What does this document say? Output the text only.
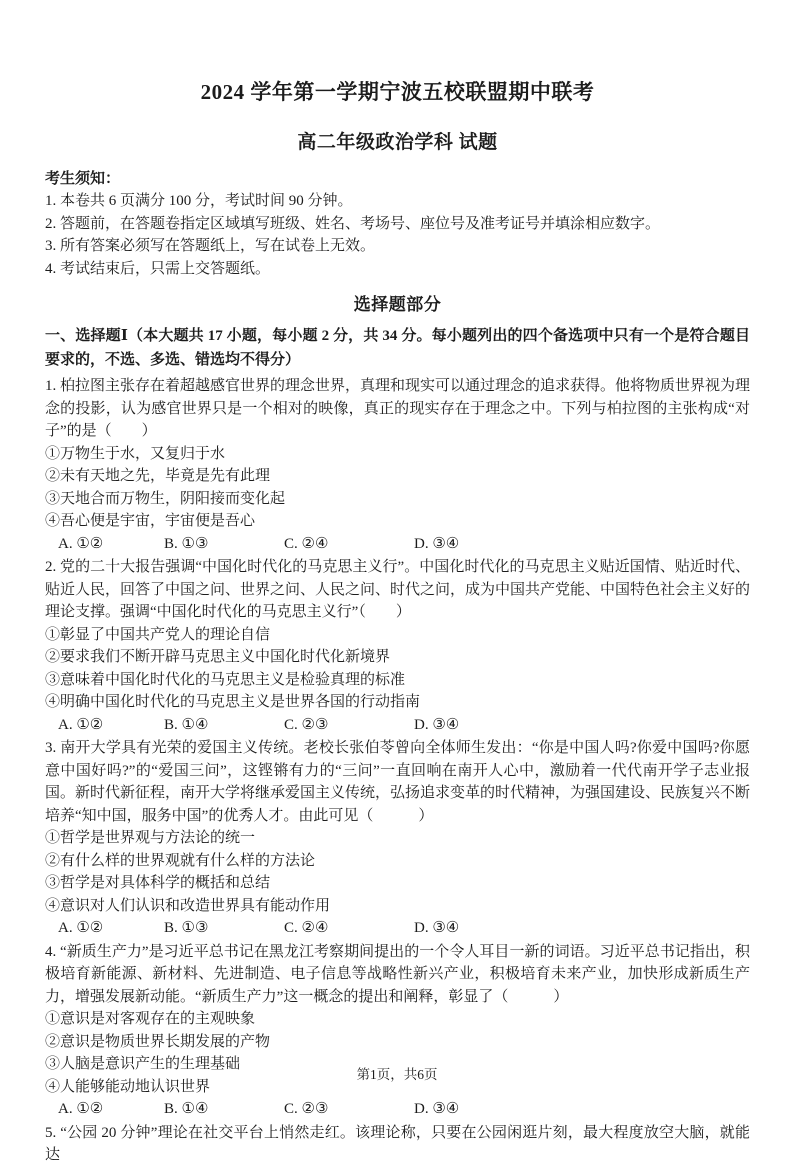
2024 学年第一学期宁波五校联盟期中联考
高二年级政治学科 试题

考生须知：

1. 本卷共 6 页满分 100 分，考试时间 90 分钟。

2. 答题前，在答题卷指定区域填写班级、姓名、考场号、座位号及准考证号并填涂相应数字。

3. 所有答案必须写在答题纸上，写在试卷上无效。

4. 考试结束后，只需上交答题纸。

选择题部分

一、选择题Ⅰ（本大题共 17 小题，每小题 2 分，共 34 分。每小题列出的四个备选项中只有一个是符合题目要求的，不选、多选、错选均不得分）

1. 柏拉图主张存在着超越感官世界的理念世界，真理和现实可以通过理念的追求获得。他将物质世界视为理念的投影，认为感官世界只是一个相对的映像，真正的现实存在于理念之中。下列与柏拉图的主张构成“对子”的是（　　）

①万物生于水，又复归于水

②未有天地之先，毕竟是先有此理

③天地合而万物生，阴阳接而变化起

④吾心便是宇宙，宇宙便是吾心

A. ①②	B. ①③	C. ②④	D. ③④

2. 党的二十大报告强调“中国化时代化的马克思主义行”。中国化时代化的马克思主义贴近国情、贴近时代、贴近人民，回答了中国之问、世界之问、人民之问、时代之问，成为中国共产党能、中国特色社会主义好的理论支撑。强调“中国化时代化的马克思主义行”（　　）

①彰显了中国共产党人的理论自信

②要求我们不断开辟马克思主义中国化时代化新境界

③意味着中国化时代化的马克思主义是检验真理的标准

④明确中国化时代化的马克思主义是世界各国的行动指南

A. ①②	B. ①④	C. ②③	D. ③④

3. 南开大学具有光荣的爱国主义传统。老校长张伯苓曾向全体师生发出：“你是中国人吗?你爱中国吗?你愿意中国好吗?”的“爱国三问”，这铿锵有力的“三问”一直回响在南开人心中，激励着一代代南开学子志业报国。新时代新征程，南开大学将继承爱国主义传统，弘扬追求变革的时代精神，为强国建设、民族复兴不断培养“知中国，服务中国”的优秀人才。由此可见（　　　）

①哲学是世界观与方法论的统一

②有什么样的世界观就有什么样的方法论

③哲学是对具体科学的概括和总结

④意识对人们认识和改造世界具有能动作用

A. ①②	B. ①③	C. ②④	D. ③④

4. “新质生产力”是习近平总书记在黑龙江考察期间提出的一个令人耳目一新的词语。习近平总书记指出，积极培育新能源、新材料、先进制造、电子信息等战略性新兴产业，积极培育未来产业，加快形成新质生产力，增强发展新动能。“新质生产力”这一概念的提出和阐释，彰显了（　　　）

①意识是对客观存在的主观映象

②意识是物质世界长期发展的产物

③人脑是意识产生的生理基础

④人能够能动地认识世界

A. ①②	B. ①④	C. ②③	D. ③④

5. “公园 20 分钟”理论在社交平台上悄然走红。该理论称，只要在公园闲逛片刻，最大程度放空大脑，就能达

第1页，共6页
